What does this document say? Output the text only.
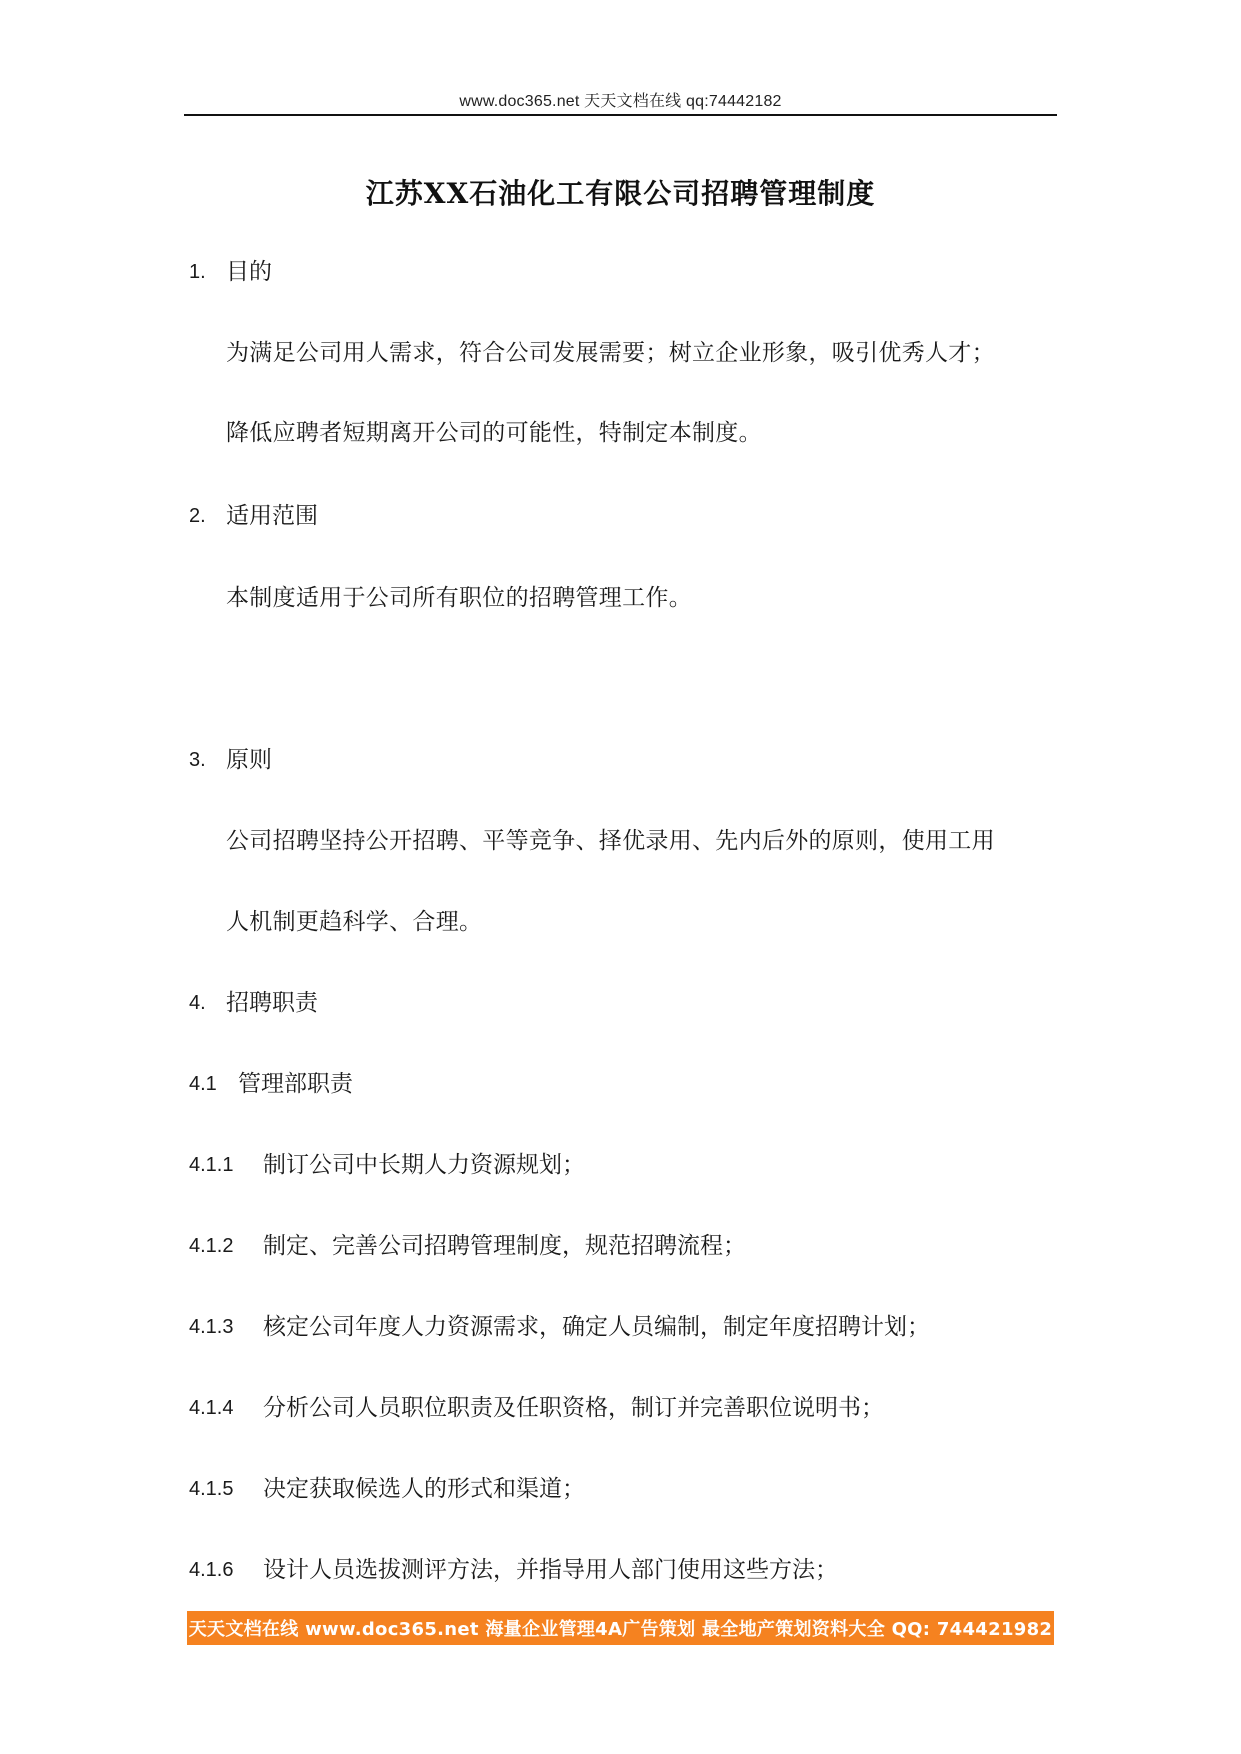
www.doc365.net 天天文档在线 qq:74442182
江苏XX石油化工有限公司招聘管理制度
1. 目的
为满足公司用人需求，符合公司发展需要；树立企业形象，吸引优秀人才；
降低应聘者短期离开公司的可能性，特制定本制度。
2. 适用范围
本制度适用于公司所有职位的招聘管理工作。
3. 原则
公司招聘坚持公开招聘、平等竞争、择优录用、先内后外的原则，使用工用
人机制更趋科学、合理。
4. 招聘职责
4.1 管理部职责
4.1.1 制订公司中长期人力资源规划；
4.1.2 制定、完善公司招聘管理制度，规范招聘流程；
4.1.3 核定公司年度人力资源需求，确定人员编制，制定年度招聘计划；
4.1.4 分析公司人员职位职责及任职资格，制订并完善职位说明书；
4.1.5 决定获取候选人的形式和渠道；
4.1.6 设计人员选拔测评方法，并指导用人部门使用这些方法；
天天文档在线 www.doc365.net 海量企业管理4A广告策划 最全地产策划资料大全 QQ: 744421982
